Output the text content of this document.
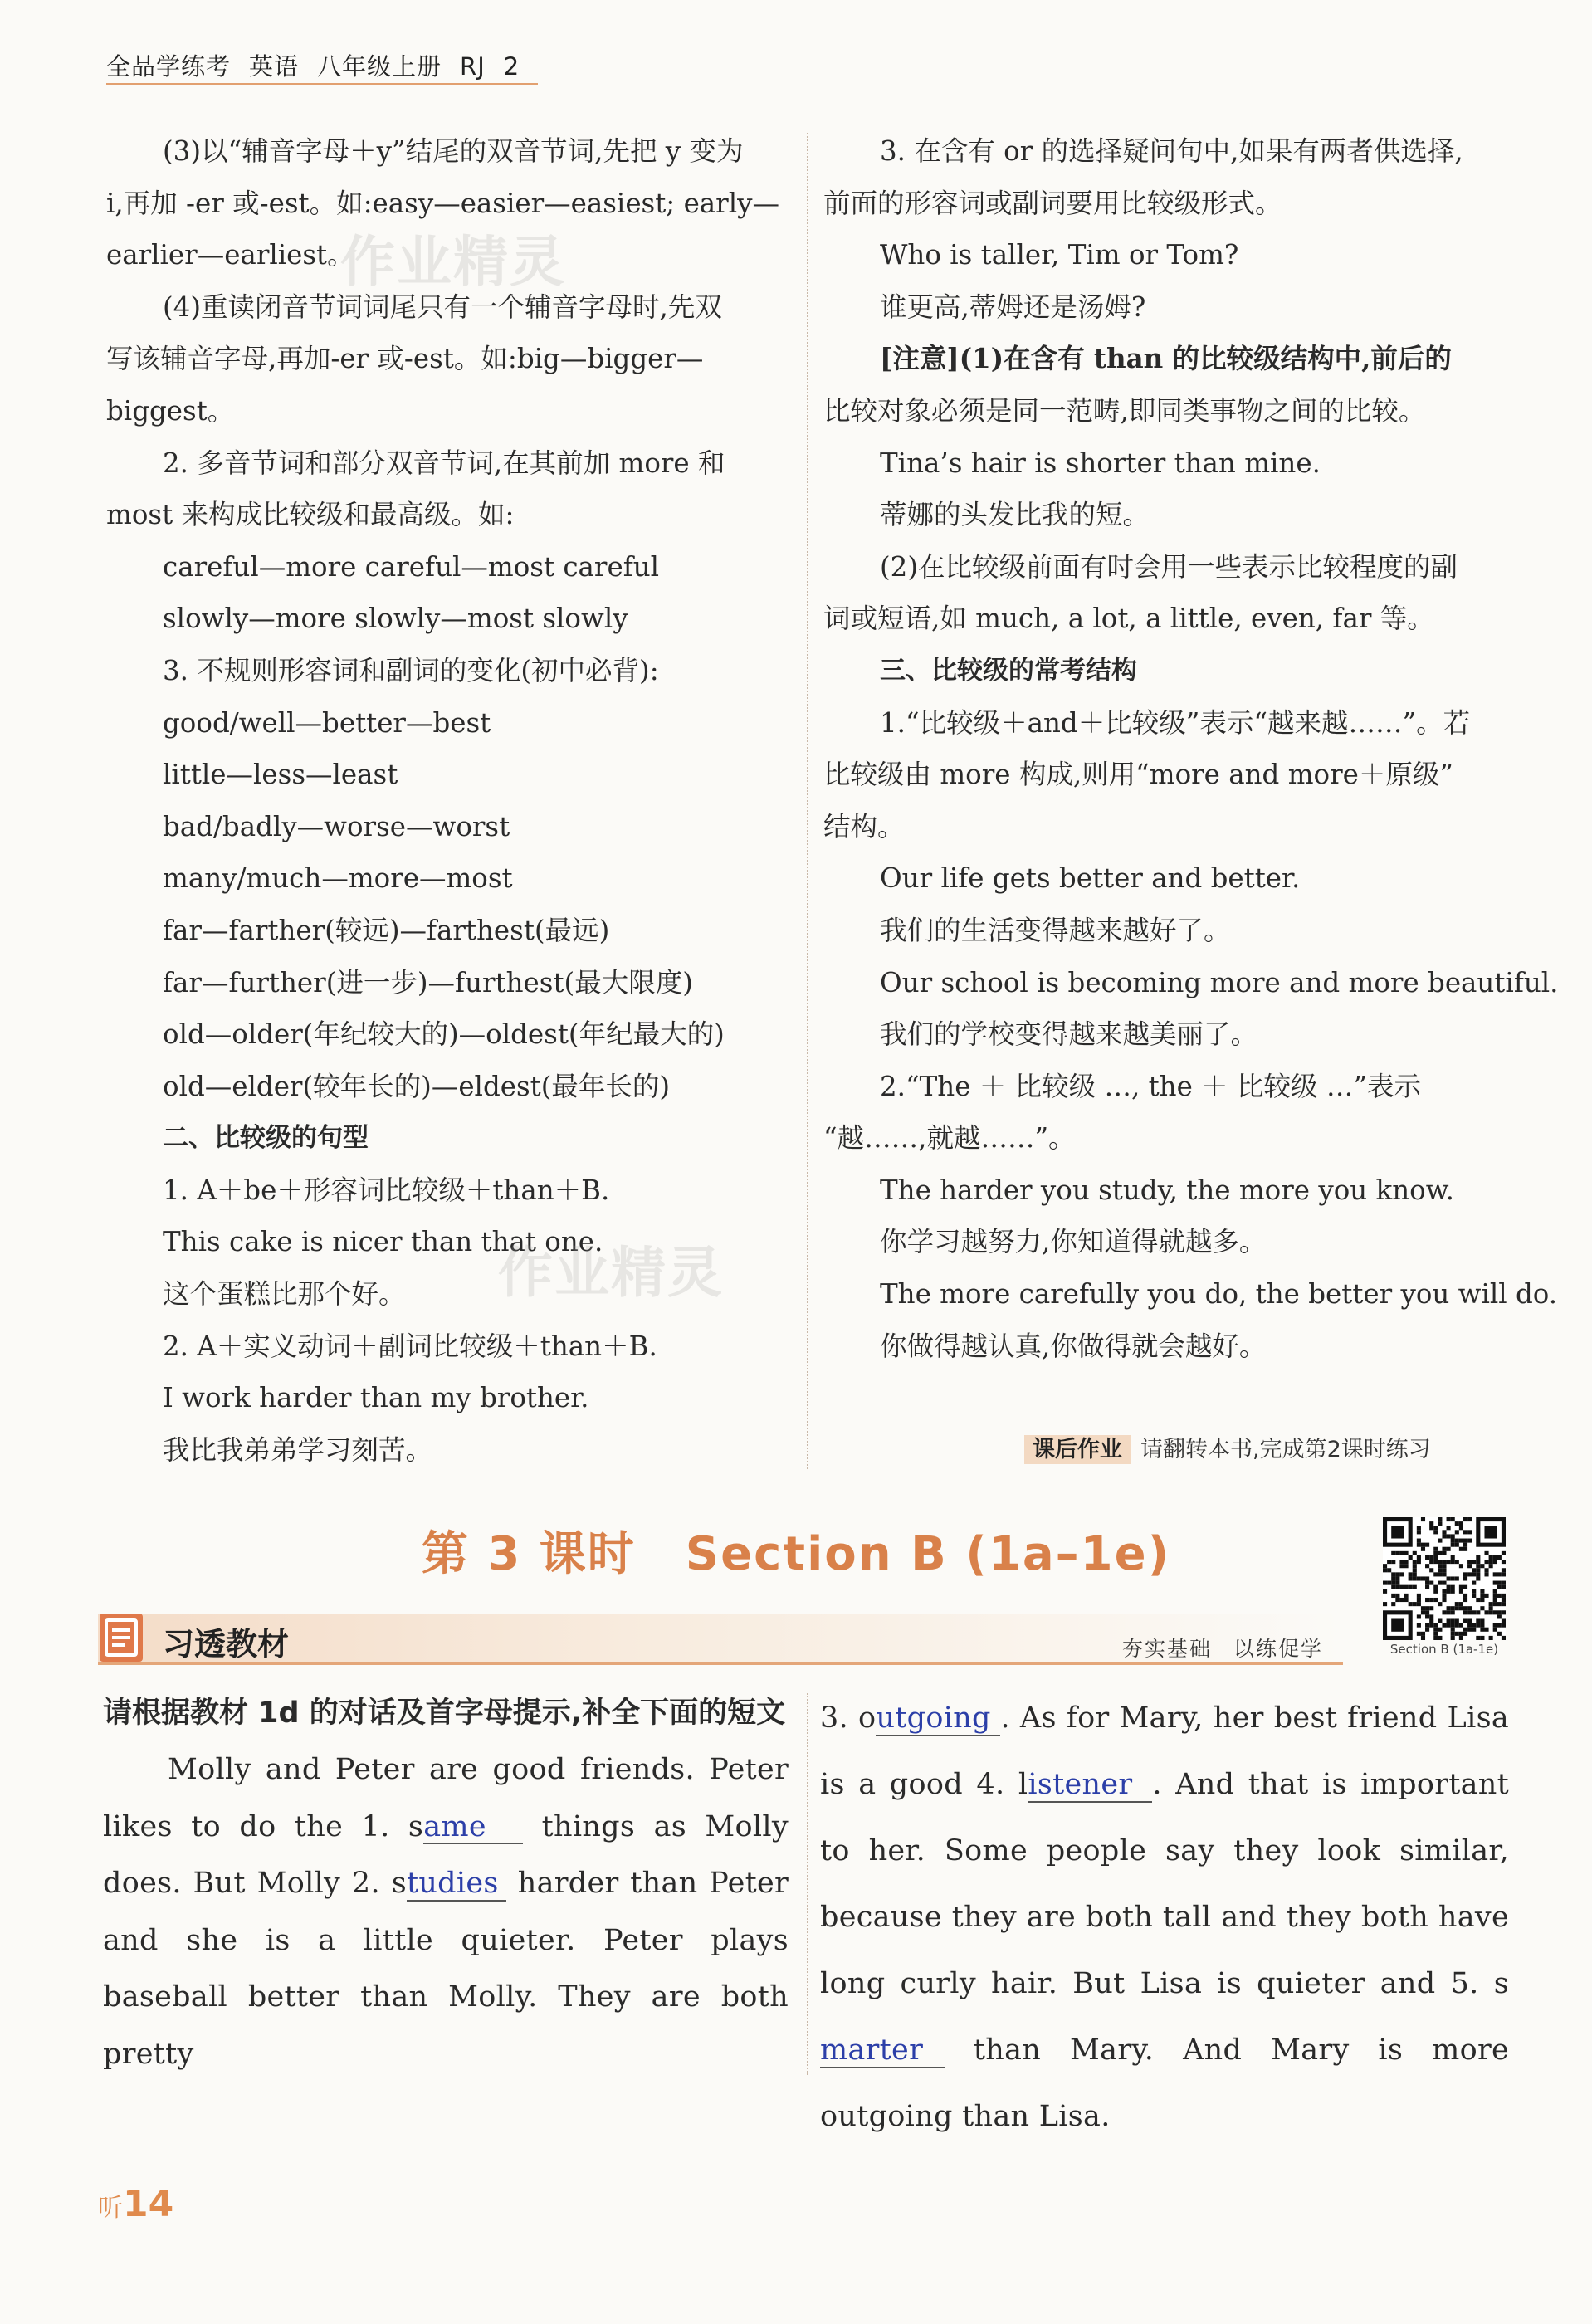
全品学练考 英语 八年级上册 RJ 2

(3)以“辅音字母＋y”结尾的双音节词,先把 y 变为

i,再加 -er 或-est。如:easy—easier—easiest; early—

earlier—earliest。

(4)重读闭音节词词尾只有一个辅音字母时,先双

写该辅音字母,再加-er 或-est。如:big—bigger—

biggest。

2. 多音节词和部分双音节词,在其前加 more 和

most 来构成比较级和最高级。如:

careful—more careful—most careful

slowly—more slowly—most slowly

3. 不规则形容词和副词的变化(初中必背):

good/well—better—best

little—less—least

bad/badly—worse—worst

many/much—more—most

far—farther(较远)—farthest(最远)

far—further(进一步)—furthest(最大限度)

old—older(年纪较大的)—oldest(年纪最大的)

old—elder(较年长的)—eldest(最年长的)

二、比较级的句型

1. A＋be＋形容词比较级＋than＋B.

This cake is nicer than that one.

这个蛋糕比那个好。

2. A＋实义动词＋副词比较级＋than＋B.

I work harder than my brother.

我比我弟弟学习刻苦。

3. 在含有 or 的选择疑问句中,如果有两者供选择,

前面的形容词或副词要用比较级形式。

Who is taller, Tim or Tom?

谁更高,蒂姆还是汤姆?

[注意](1)在含有 than 的比较级结构中,前后的

比较对象必须是同一范畴,即同类事物之间的比较。

Tina’s hair is shorter than mine.

蒂娜的头发比我的短。

(2)在比较级前面有时会用一些表示比较程度的副

词或短语,如 much, a lot, a little, even, far 等。

三、比较级的常考结构

1.“比较级＋and＋比较级”表示“越来越……”。若

比较级由 more 构成,则用“more and more＋原级”

结构。

Our life gets better and better.

我们的生活变得越来越好了。

Our school is becoming more and more beautiful.

我们的学校变得越来越美丽了。

2.“The ＋ 比较级 …, the ＋ 比较级 …”表示

“越……,就越……”。

The harder you study, the more you know.

你学习越努力,你知道得就越多。

The more carefully you do, the better you will do.

你做得越认真,你做得就会越好。

作业精灵
作业精灵
课后作业 请翻转本书,完成第2课时练习
第 3 课时 Section B (1a–1e)
Section B (1a-1e)
习透教材	夯实基础 以练促学

请根据教材 1d 的对话及首字母提示,补全下面的短文

Molly and Peter are good friends. Peter likes to do the 1. same things as Molly does. But Molly 2. studies harder than Peter and she is a little quieter. Peter plays baseball better than Molly. They are both pretty

3. outgoing . As for Mary, her best friend Lisa is a good 4. listener . And that is important to her. Some people say they look similar, because they are both tall and they both have long curly hair. But Lisa is quieter and 5. smarter than Mary. And Mary is more outgoing than Lisa.

听14
